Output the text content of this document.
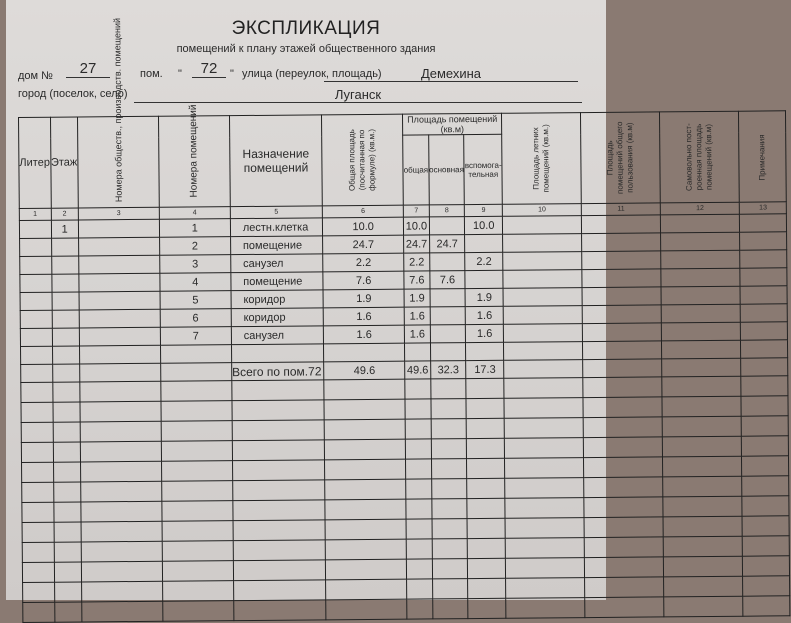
ЭКСПЛИКАЦИЯ
помещений к плану этажей общественного здания
дом №	27	пом. "	72	" улица (переулок, площадь)	Демехина
город (поселок, село)	Луганск
Литер	Этаж	Номера обществ., производств. помещений	Номера помещений	Назначение помещений	Общая площадь (посчитанная по формуле) (кв.м.)	Площадь помещений (кв.м)			Площадь летних помещений (кв.м.)	Площадь помещений общего пользования (кв.м)	Самовольно пост-роенная площадь помещений (кв.м)	Примечания
						общая	основная	вспомога-тельная				
1	2	3	4	5	6	7	8	9	10	11	12	13
	1		1	лестн.клетка	10.0	10.0		10.0				
			2	помещение	24.7	24.7	24.7					
			3	санузел	2.2	2.2		2.2				
			4	помещение	7.6	7.6	7.6					
			5	коридор	1.9	1.9		1.9				
			6	коридор	1.6	1.6		1.6				
			7	санузел	1.6	1.6		1.6				

				Всего по пом.72	49.6	49.6	32.3	17.3				
